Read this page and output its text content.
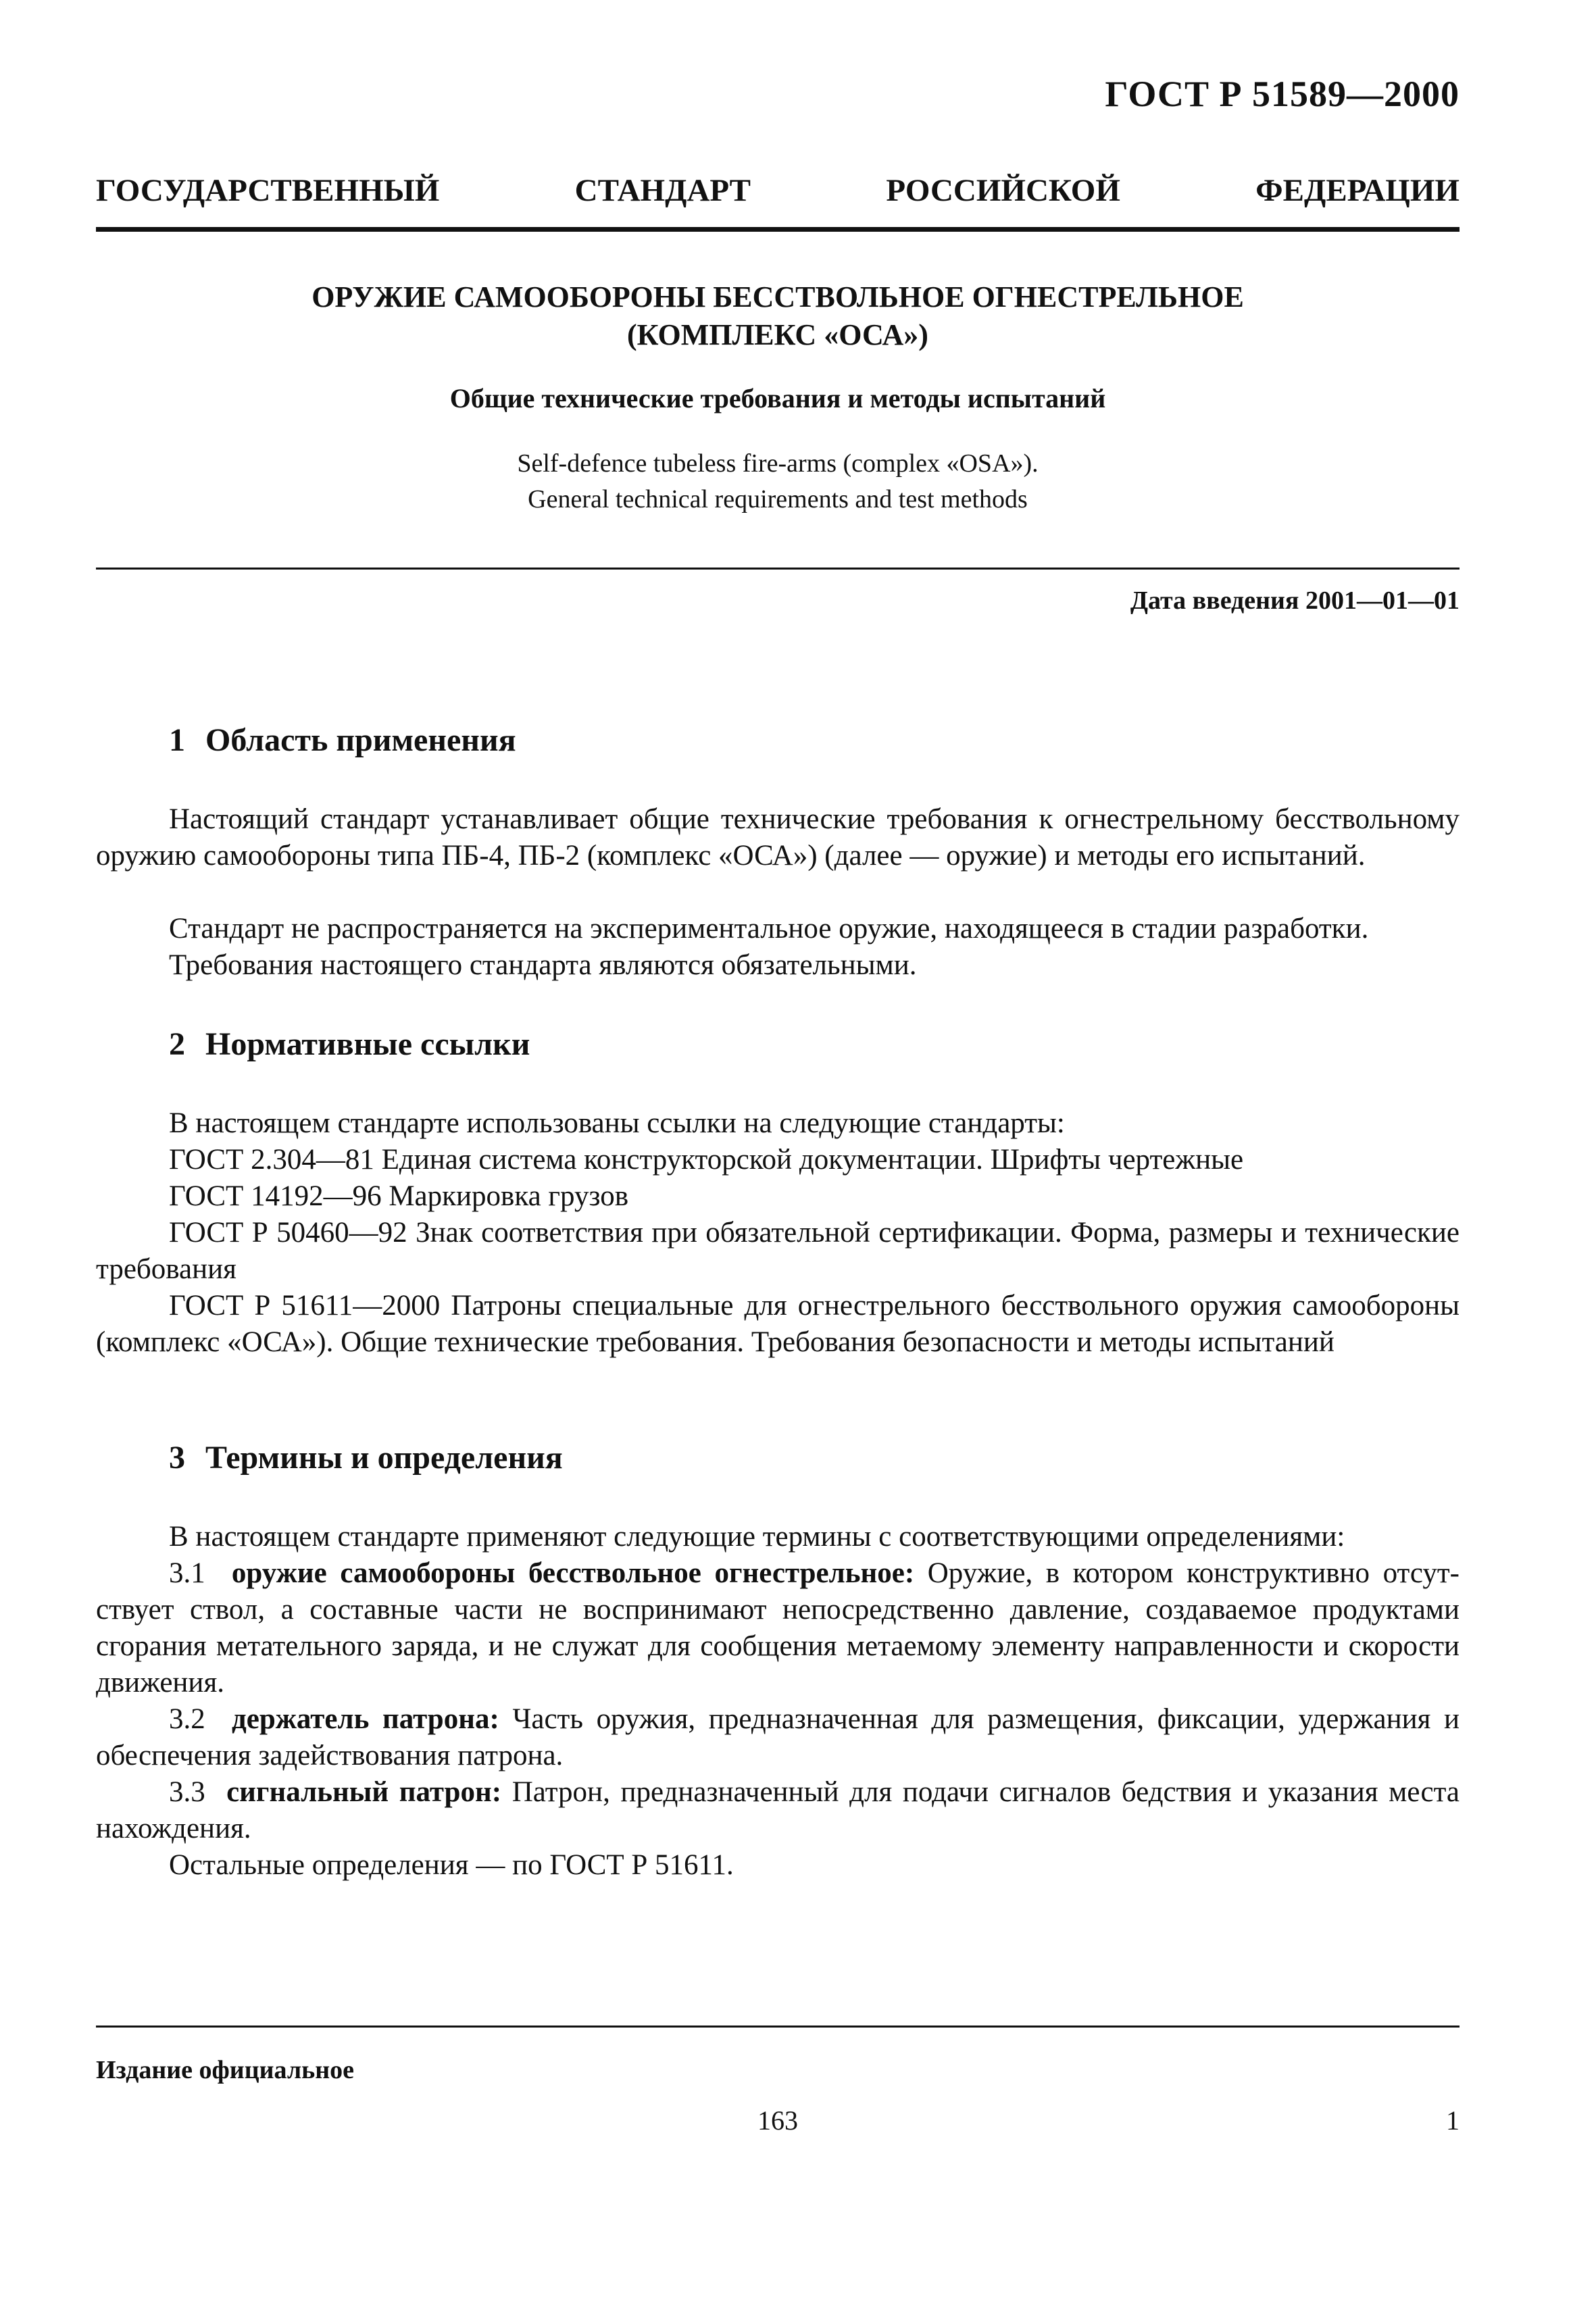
ГОСТ Р 51589—2000
ГОСУДАРСТВЕННЫЙ СТАНДАРТ РОССИЙСКОЙ ФЕДЕРАЦИИ
ОРУЖИЕ САМООБОРОНЫ БЕССТВОЛЬНОЕ ОГНЕСТРЕЛЬНОЕ
(КОМПЛЕКС «ОСА»)
Общие технические требования и методы испытаний
Self-defence tubeless fire-arms (complex «OSA»).
General technical requirements and test methods
Дата введения 2001—01—01
1 Область применения

Настоящий стандарт устанавливает общие технические требования к огнестрельному бесствольному оружию самообороны типа ПБ-4, ПБ-2 (комплекс «ОСА») (далее — оружие) и методы его испытаний.

Стандарт не распространяется на экспериментальное оружие, находящееся в стадии разработки.

Требования настоящего стандарта являются обязательными.

2 Нормативные ссылки

В настоящем стандарте использованы ссылки на следующие стандарты:

ГОСТ 2.304—81 Единая система конструкторской документации. Шрифты чертежные

ГОСТ 14192—96 Маркировка грузов

ГОСТ Р 50460—92 Знак соответствия при обязательной сертификации. Форма, размеры и технические требования

ГОСТ Р 51611—2000 Патроны специальные для огнестрельного бесствольного оружия самообороны (комплекс «ОСА»). Общие технические требования. Требования безопасности и методы испытаний

3 Термины и определения

В настоящем стандарте применяют следующие термины с соответствующими определениями:

3.1 оружие самообороны бесствольное огнестрельное: Оружие, в котором конструктивно отсутствует ствол, а составные части не воспринимают непосредственно давление, создаваемое продуктами сгорания метательного заряда, и не служат для сообщения метаемому элементу направленности и скорости движения.

3.2 держатель патрона: Часть оружия, предназначенная для размещения, фиксации, удержания и обеспечения задействования патрона.

3.3 сигнальный патрон: Патрон, предназначенный для подачи сигналов бедствия и указания места нахождения.

Остальные определения — по ГОСТ Р 51611.

Издание официальное
163	1
